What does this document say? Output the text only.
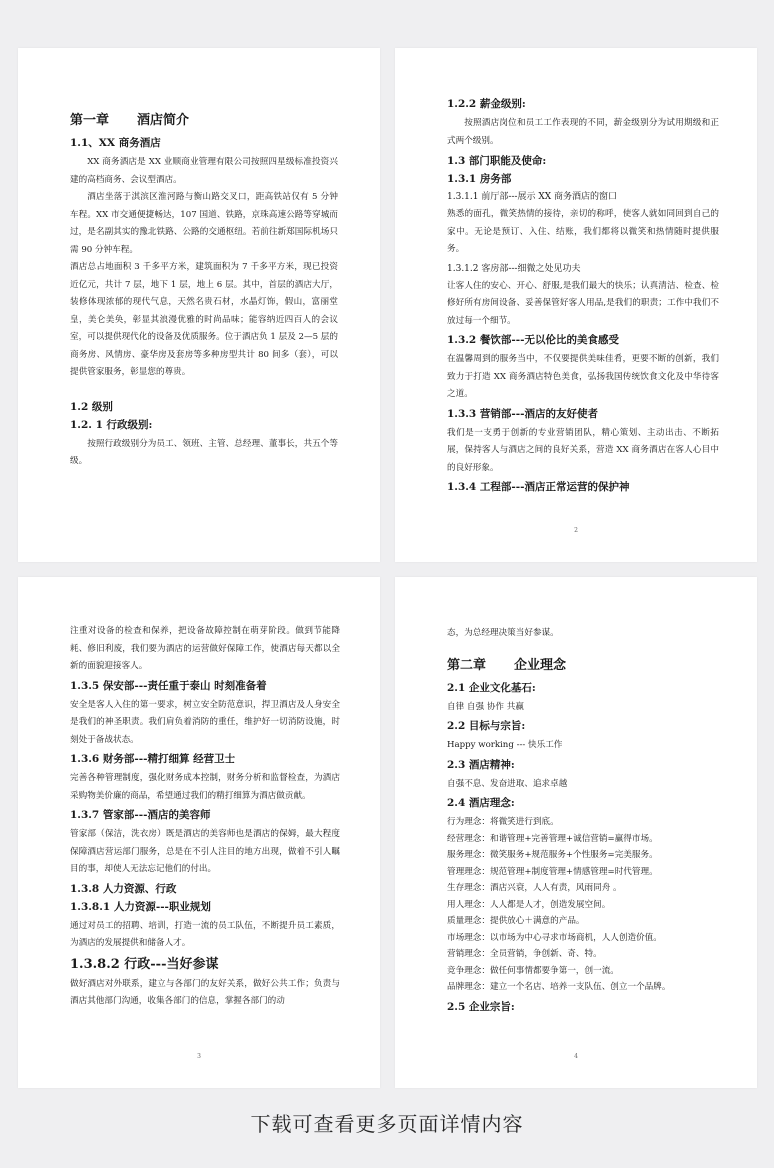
第一章 酒店简介
1.1、XX 商务酒店

XX 商务酒店是 XX 业顺商业管理有限公司按照四星级标准投资兴建的高档商务、会议型酒店。

酒店坐落于淇滨区淮河路与衡山路交叉口，距高铁站仅有 5 分钟车程。XX 市交通便捷畅达，107 国道、铁路，京珠高速公路等穿城而过，是名副其实的豫北铁路、公路的交通枢纽。若前往新郑国际机场只需 90 分钟车程。

酒店总占地面积 3 千多平方米，建筑面积为 7 千多平方米，现已投资近亿元，共计 7 层，地下 1 层，地上 6 层。其中，首层的酒店大厅，装修体现浓郁的现代气息，天然名贵石材，水晶灯饰，假山，富丽堂皇，美仑美奂，彰显其浪漫优雅的时尚品味；能容纳近四百人的会议室，可以提供现代化的设备及优质服务。位于酒店负 1 层及 2—5 层的商务房、风情房、豪华房及套房等多种房型共计 80 间多（套），可以提供管家服务，彰显您的尊贵。

1.2 级别
1.2. 1 行政级别:

按照行政级别分为员工、领班、主管、总经理、董事长，共五个等级。

1.2.2 薪金级别:

按照酒店岗位和员工工作表现的不同，薪金级别分为试用期级和正式两个级别。

1.3 部门职能及使命:
1.3.1 房务部
1.3.1.1 前厅部---展示 XX 商务酒店的窗口

熟悉的面孔，微笑热情的接待，亲切的称呼，使客人就如同回到自己的家中。无论是预订、入住、结账，我们都将以微笑和热情随时提供服务。

1.3.1.2 客房部---细微之处见功夫

让客人住的安心、开心、舒服,是我们最大的快乐；认真清洁、检查、检修好所有房间设备、妥善保管好客人用品,是我们的职责；工作中我们不放过每一个细节。

1.3.2 餐饮部---无以伦比的美食感受

在温馨周到的服务当中，不仅要提供美味佳肴，更要不断的创新，我们致力于打造 XX 商务酒店特色美食，弘扬我国传统饮食文化及中华待客之道。

1.3.3 营销部---酒店的友好使者

我们是一支勇于创新的专业营销团队，精心策划、主动出击、不断拓展，保持客人与酒店之间的良好关系，营造 XX 商务酒店在客人心目中的良好形象。

1.3.4 工程部---酒店正常运营的保护神
2

注重对设备的检查和保养，把设备故障控制在萌芽阶段。做到节能降耗、修旧利废，我们要为酒店的运营做好保障工作，使酒店每天都以全新的面貌迎接客人。

1.3.5 保安部---责任重于泰山 时刻准备着

安全是客人入住的第一要求，树立安全防范意识，捍卫酒店及人身安全是我们的神圣职责。我们肩负着消防的重任，维护好一切消防设施，时刻处于备战状态。

1.3.6 财务部---精打细算 经营卫士

完善各种管理制度，强化财务成本控制，财务分析和监督检查，为酒店采购物美价廉的商品，希望通过我们的精打细算为酒店做贡献。

1.3.7 管家部---酒店的美容师

管家部（保洁，洗衣房）既是酒店的美容师也是酒店的保姆，最大程度保障酒店营运部门服务，总是在不引人注目的地方出现，做着不引人瞩目的事，却使人无法忘记他们的付出。

1.3.8 人力资源、行政
1.3.8.1 人力资源---职业规划

通过对员工的招聘、培训，打造一流的员工队伍，不断提升员工素质，为酒店的发展提供和储备人才。

1.3.8.2 行政---当好参谋

做好酒店对外联系，建立与各部门的友好关系，做好公共工作；负责与酒店其他部门沟通，收集各部门的信息，掌握各部门的动

3

态，为总经理决策当好参谋。

第二章 企业理念
2.1 企业文化基石:

自律 自强 协作 共赢

2.2 目标与宗旨:

Happy working --- 快乐工作

2.3 酒店精神:

自强不息、发奋进取、追求卓越

2.4 酒店理念:

行为理念：将微笑进行到底。

经营理念：和谐管理+完善管理+诚信营销=赢得市场。

服务理念：微笑服务+规范服务+个性服务=完美服务。

管理理念：规范管理+制度管理+情感管理=时代管理。

生存理念：酒店兴衰，人人有责，风雨同舟 。

用人理念：人人都是人才，创造发展空间。

质量理念：提供放心＋满意的产品。

市场理念：以市场为中心寻求市场商机，人人创造价值。

营销理念：全员营销，争创新、奇、特。

竞争理念：做任何事情都要争第一，创一流。

品牌理念：建立一个名店、培养一支队伍、创立一个品牌。

2.5 企业宗旨:
4
下载可查看更多页面详情内容
